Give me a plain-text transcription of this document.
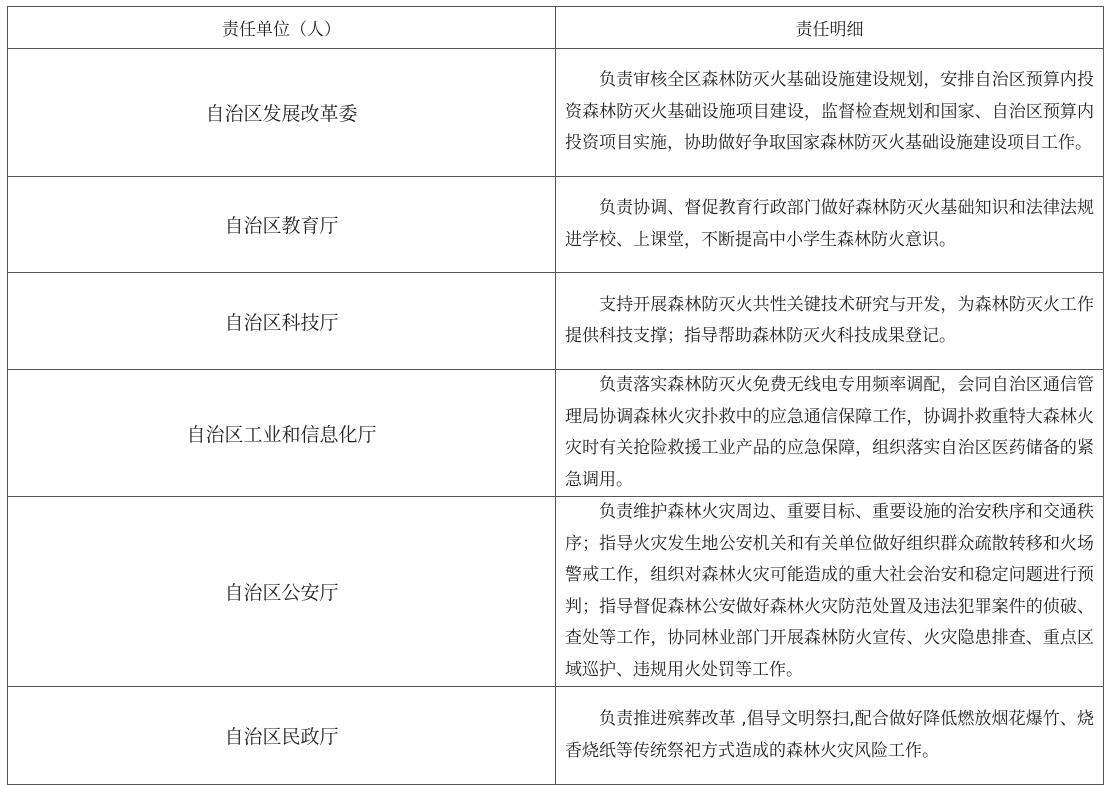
责任单位（人）	责任明细
自治区发展改革委	负责审核全区森林防灭火基础设施建设规划，安排自治区预算内投资森林防灭火基础设施项目建设，监督检查规划和国家、自治区预算内投资项目实施，协助做好争取国家森林防灭火基础设施建设项目工作。

自治区教育厅	负责协调、督促教育行政部门做好森林防灭火基础知识和法律法规进学校、上课堂，不断提高中小学生森林防火意识。

自治区科技厅	支持开展森林防灭火共性关键技术研究与开发，为森林防灭火工作提供科技支撑；指导帮助森林防灭火科技成果登记。

自治区工业和信息化厅	负责落实森林防灭火免费无线电专用频率调配，会同自治区通信管理局协调森林火灾扑救中的应急通信保障工作，协调扑救重特大森林火灾时有关抢险救援工业产品的应急保障，组织落实自治区医药储备的紧急调用。

自治区公安厅	负责维护森林火灾周边、重要目标、重要设施的治安秩序和交通秩序；指导火灾发生地公安机关和有关单位做好组织群众疏散转移和火场警戒工作，组织对森林火灾可能造成的重大社会治安和稳定问题进行预判；指导督促森林公安做好森林火灾防范处置及违法犯罪案件的侦破、查处等工作，协同林业部门开展森林防火宣传、火灾隐患排查、重点区域巡护、违规用火处罚等工作。

自治区民政厅	负责推进殡葬改革 ,倡导文明祭扫,配合做好降低燃放烟花爆竹、烧香烧纸等传统祭祀方式造成的森林火灾风险工作。
